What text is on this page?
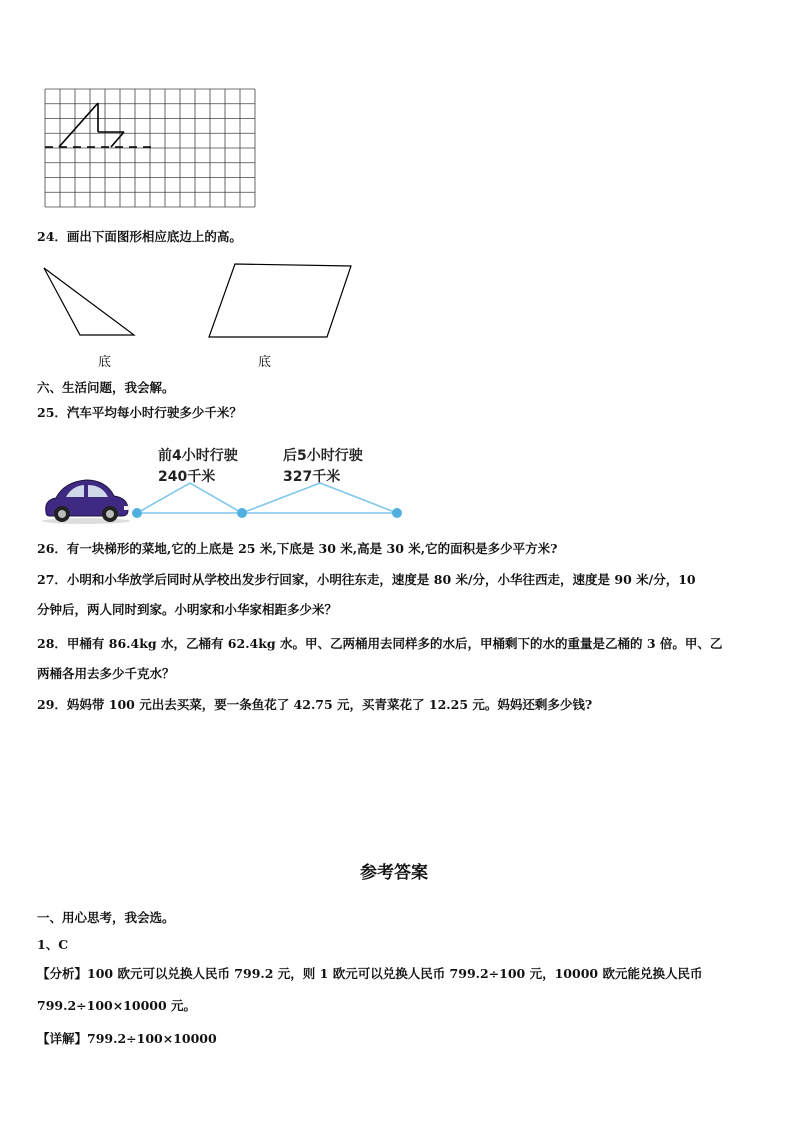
24．画出下面图形相应底边上的高。
底	底
六、生活问题，我会解。
25．汽车平均每小时行驶多少千米？
前4小时行驶
240千米
后5小时行驶
327千米
26．有一块梯形的菜地,它的上底是 25 米,下底是 30 米,高是 30 米,它的面积是多少平方米?
27．小明和小华放学后同时从学校出发步行回家，小明往东走，速度是 80 米/分，小华往西走，速度是 90 米/分，10
分钟后，两人同时到家。小明家和小华家相距多少米？
28．甲桶有 86.4kg 水，乙桶有 62.4kg 水。甲、乙两桶用去同样多的水后，甲桶剩下的水的重量是乙桶的 3 倍。甲、乙
两桶各用去多少千克水？
29．妈妈带 100 元出去买菜，要一条鱼花了 42.75 元，买青菜花了 12.25 元。妈妈还剩多少钱?
参考答案
一、用心思考，我会选。
1、C
【分析】100 欧元可以兑换人民币 799.2 元，则 1 欧元可以兑换人民币 799.2÷100 元，10000 欧元能兑换人民币
799.2÷100×10000 元。
【详解】799.2÷100×10000
